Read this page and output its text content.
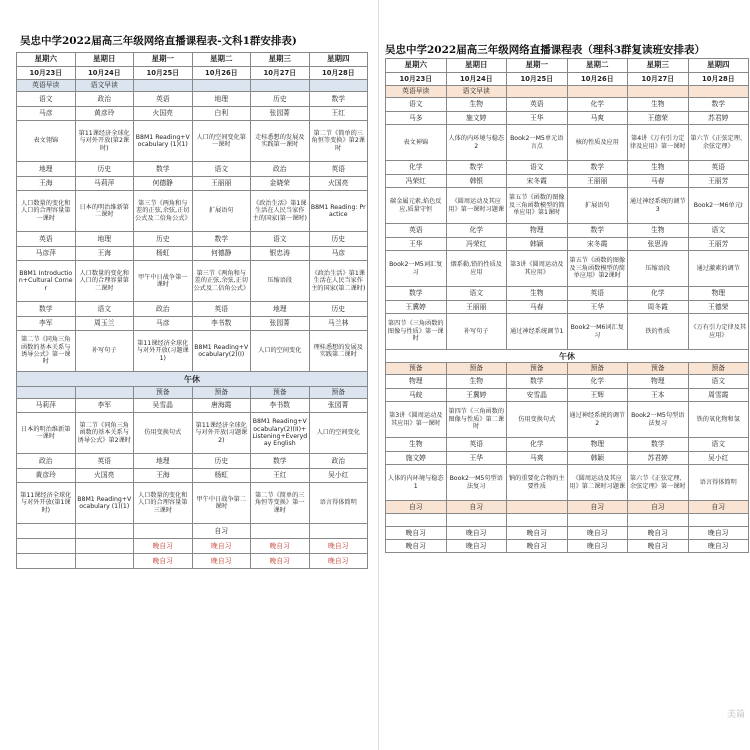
吴忠中学2022届高三年级网络直播课程表-文科1群安排表)
星期六	星期日	星期一	星期二	星期三	星期四
10月23日	10月24日	10月25日	10月26日	10月27日	10月28日
英语早读	语文早读				
语文	政治	英语	地理	历史	数学
马彦	黄彦玲	火国亮	白利	张园菁	王红
表文翎锦	第11课经济全球化与对外开放(第2课时)	B8M1 Reading+Vocabulary (1)(1)	人口的空间变化第一课时	走桂悉想的发展及实践第一课时	第二节《简单的三角恒等变换》第2课时
地理	历史	数学	语文	政治	英语
王海	马莉萍	何德静	王丽丽	金晓荣	火国亮
人口数量的变化和人口的合理容量第一课时	日本的明治维新第二课时	第三节《两角和与差的正弦,余弦,正切公式及二倍角公式》	扩展语句	《政治生活》第1课生活在人民当家作主的国家(第一课时)	B8M1 Reading: Practice
英语	地理	历史	数学	语文	历史
马彦萍	王海	杨虹	何德静	银忠涛	马彦
B8M1 Introduction+Cultural Corner	人口数量的变化和人口的合理容量第二课时	甲午中日战争第一课时	第三节《两角和与差的正弦,余弦,正切公式及二倍角公式》	压缩语段	《政治生活》第1课生活在人民当家作主的国家(第二课时)
数学	语文	政治	英语	地理	历史
李军	周玉兰	马彦	李书数	张园菁	马兰林
第二节《同角三角函数的基本关系与诱导公式》第一课时	补写句子	第11课经济全球化与对外开放(习题课1)	B8M1 Reading+Vocabulary(2)(I)	人口的空间变化	理桂悉想的发展及实践第二课时
午休					
		预备	预备	预备	预备
马莉萍	李军	吴雪晶	唐海霞	李书数	张园菁
日本的明治维新第一课时	第二节《同角三角函数的基本关系与诱导公式》第2课时	仿用变换句式	第11课经济全球化与对外开放(习题课2)	B8M1 Reading+Vocabulary(2)(II)+Listening+Everyday English	人口的空间变化
政治	英语	地理	历史	数学	政治
黄彦玲	火国亮	王海	杨虹	王红	吴小红
第11课经济全球化与对外开放(第1课时)	B8M1 Reading+Vocabulary (1)(1)	人口数量的变化和人口的合理容量第三课时	甲午中日战争第二课时	第二节《简单的三角恒等变换》第一课时	语言得体简明
			自习		
		晚自习	晚自习	晚自习	晚自习
		晚自习	晚自习	晚自习	晚自习
吴忠中学2022届高三年级网络直播课程表（理科3群复读班安排表）
星期六	星期日	星期一	星期二	星期三	星期四
10月23日	10月24日	10月25日	10月26日	10月27日	10月28日
英语早读	语文早读				
语文	生物	英语	化学	生物	数学
马多	施文婷	王华	马爽	王德荣	苏君婷
表文神锦	人体的内环境与稳态2	Book2一M5单元语言点	核的性质及应用	第4讲《万有引力定律及应用》第一课时	第六节《正弦定理、余弦定理》
化学	数学	语文	数学	生物	英语
冯荣红	韩银	宋冬霞	王丽丽	马春	王丽芳
碳金属元素,焰色反应,质量守恒	《圆周运动及其应用》第一课时习题课	第五节《函数的图像及三角函数模型的简单应用》第1课时	扩展语句	通过神经系统的调节3	Book2一M6单元I
英语	化学	物理	数学	生物	语文
王华	冯荣红	韩颖	宋冬霞	张思涛	王丽芳
Book2一M5词汇复习	烟系勒,铅的性质及应用	第3讲《圆周运动及其应用》	第五节《函数的图像及三角函数模型的简单应用》第2课时	压缩语段	通过激素的调节
数学	语文	生物	英语	化学	物理
王冀婷	王丽丽	马春	王华	周冬霞	王德荣
第四节《三角函数的图像与性质》第一课时	补写句子	通过神经系统调节1	Book2一M6词汇复习	铁的性质	《万有引力定律及其应用》
午休					
预备	预备	预备	预备	预备	预备
物理	生物	数学	化学	物理	语文
马皖	王冀婷	安雪晶	王辉	王本	周雪霞
第3讲《圆周运动及其应用》第一课时	第四节《三角函数的图像与性质》第二课时	仿用变换句式	通过神经系统的调节2	Book2一M5句型语法复习	铁的氧化物和氢
生物	英语	化学	物理	数学	语文
施文婷	王华	马爽	韩颖	苏君婷	吴小红
人体的内环境与稳态1	Book2一M5句型语法复习	钠的重要化合物的主要性质	《圆周运动及其应用》第二课时习题课	第六节《正弦定理、余弦定理》第一课时	语言得体简明
自习	自习		自习	自习	自习

晚自习	晚自习	晚自习	晚自习	晚自习	晚自习
晚自习	晚自习	晚自习	晚自习	晚自习	晚自习
美篇
